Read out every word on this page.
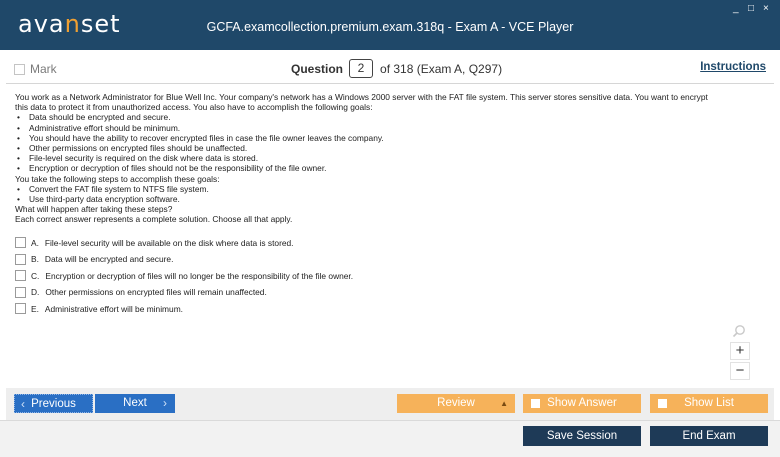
avanset	GCFA.examcollection.premium.exam.318q - Exam A - VCE Player
_ □ ×
Mark	Question	2	of 318 (Exam A, Q297)	Instructions
You work as a Network Administrator for Blue Well Inc. Your company's network has a Windows 2000 server with the FAT file system. This server stores sensitive data. You want to encrypt
this data to protect it from unauthorized access. You also have to accomplish the following goals:
• Data should be encrypted and secure.
• Administrative effort should be minimum.
• You should have the ability to recover encrypted files in case the file owner leaves the company.
• Other permissions on encrypted files should be unaffected.
• File-level security is required on the disk where data is stored.
• Encryption or decryption of files should not be the responsibility of the file owner.
You take the following steps to accomplish these goals:
• Convert the FAT file system to NTFS file system.
• Use third-party data encryption software.
What will happen after taking these steps?
Each correct answer represents a complete solution. Choose all that apply.
A. File-level security will be available on the disk where data is stored.
B. Data will be encrypted and secure.
C. Encryption or decryption of files will no longer be the responsibility of the file owner.
D. Other permissions on encrypted files will remain unaffected.
E. Administrative effort will be minimum.
+
−
‹ Previous	Next ›	Review	▲	Show Answer	Show List
Save Session	End Exam
